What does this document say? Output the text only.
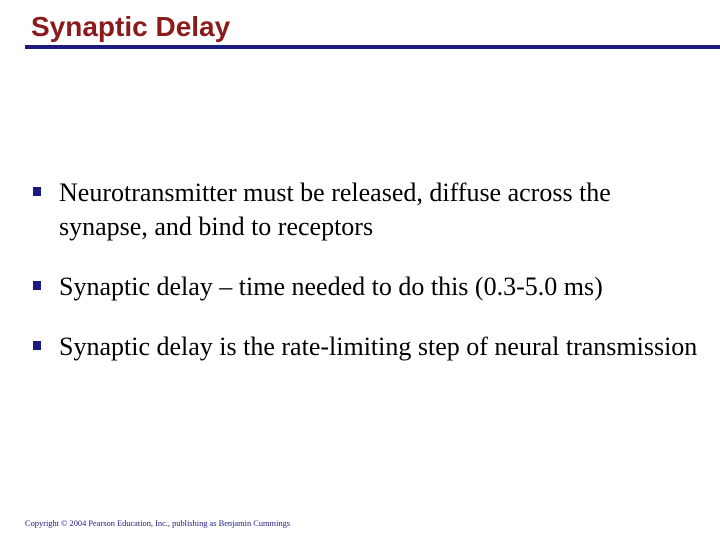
Synaptic Delay
Neurotransmitter must be released, diffuse across the synapse, and bind to receptors
Synaptic delay – time needed to do this (0.3-5.0 ms)
Synaptic delay is the rate-limiting step of neural transmission
Copyright © 2004 Pearson Education, Inc., publishing as Benjamin Cummings
